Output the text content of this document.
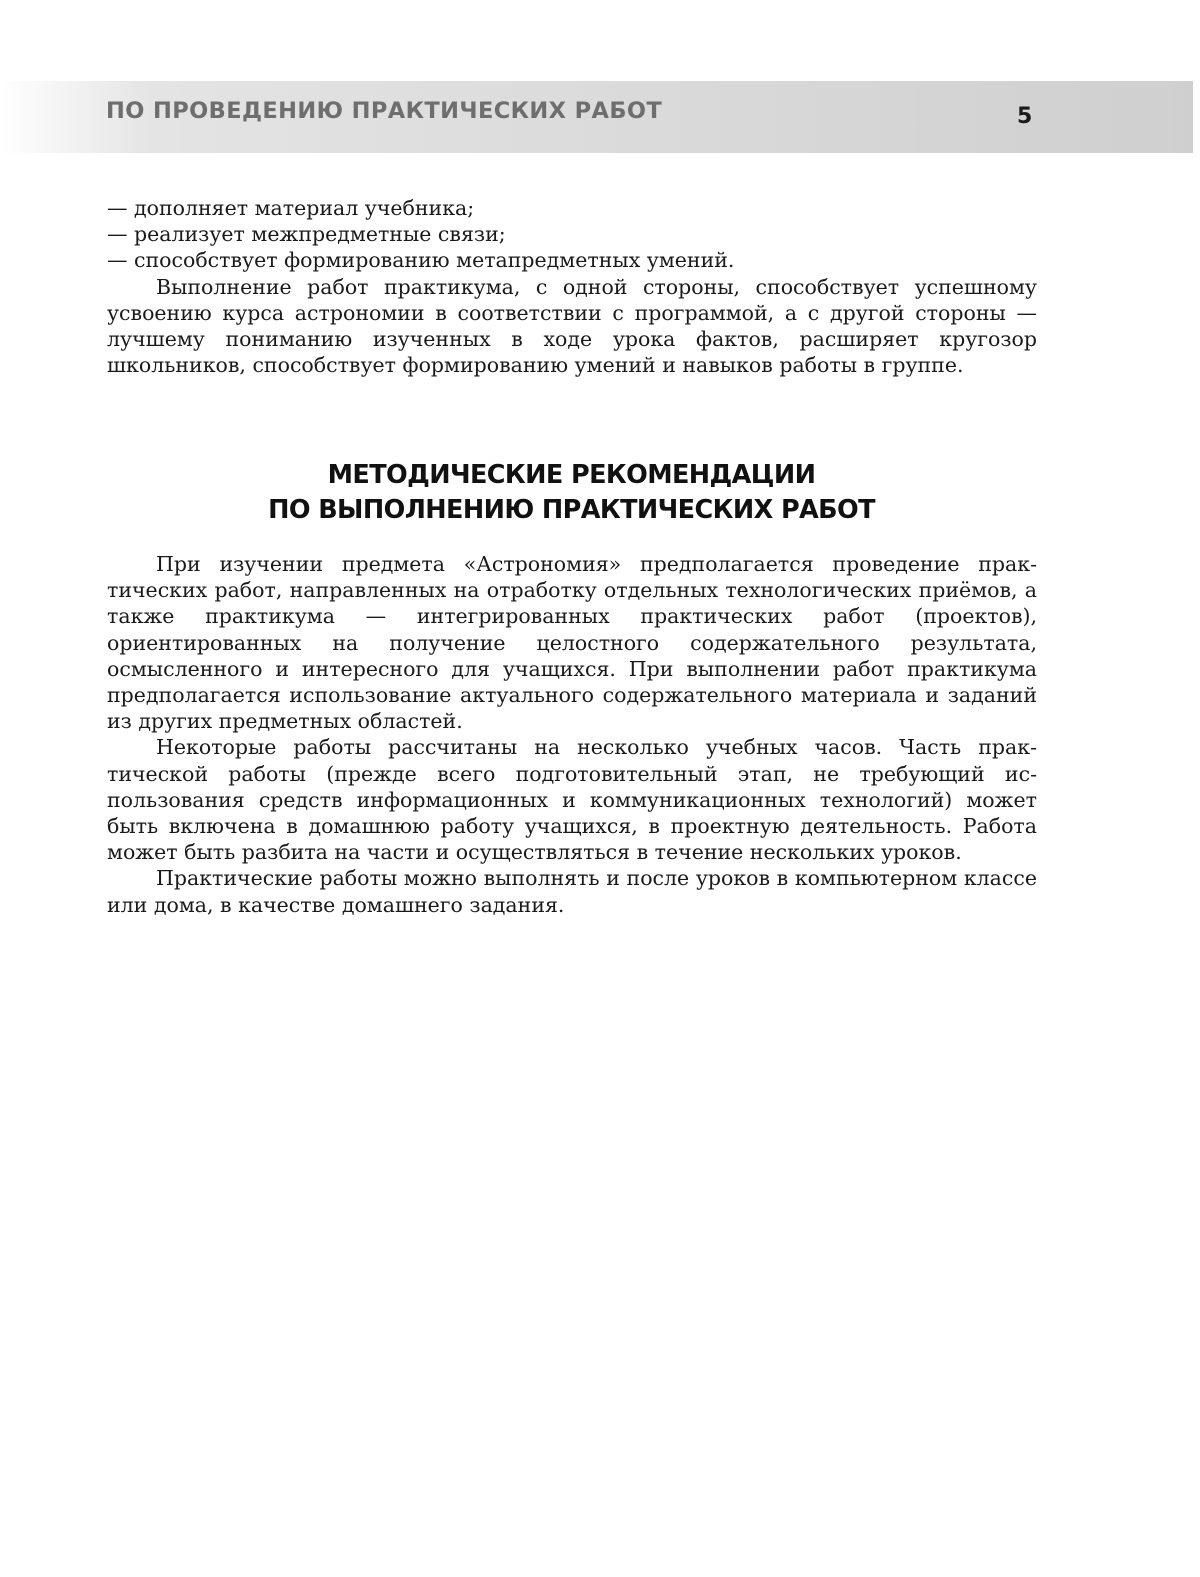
ПО ПРОВЕДЕНИЮ ПРАКТИЧЕСКИХ РАБОТ	5

— дополняет материал учебника;

— реализует межпредметные связи;

— способствует формированию метапредметных умений.

Выполнение работ практикума, с одной стороны, способствует успешному усвоению курса астрономии в соответствии с программой, а с другой стороны — лучшему пониманию изученных в ходе урока фактов, расширяет кругозор школьников, способствует формированию умений и навыков работы в группе.

МЕТОДИЧЕСКИЕ РЕКОМЕНДАЦИИ
ПО ВЫПОЛНЕНИЮ ПРАКТИЧЕСКИХ РАБОТ

При изучении предмета «Астрономия» предполагается проведение практических работ, направленных на отработку отдельных технологических приёмов, а также практикума — интегрированных практических работ (проектов), ориентированных на получение целостного содержательного результата, осмысленного и интересного для учащихся. При выполнении работ практикума предполагается использование актуального содержательного материала и заданий из других предметных областей.

Некоторые работы рассчитаны на несколько учебных часов. Часть практической работы (прежде всего подготовительный этап, не требующий использования средств информационных и коммуникационных технологий) может быть включена в домашнюю работу учащихся, в проектную деятельность. Работа может быть разбита на части и осуществляться в течение нескольких уроков.

Практические работы можно выполнять и после уроков в компьютерном классе или дома, в качестве домашнего задания.
